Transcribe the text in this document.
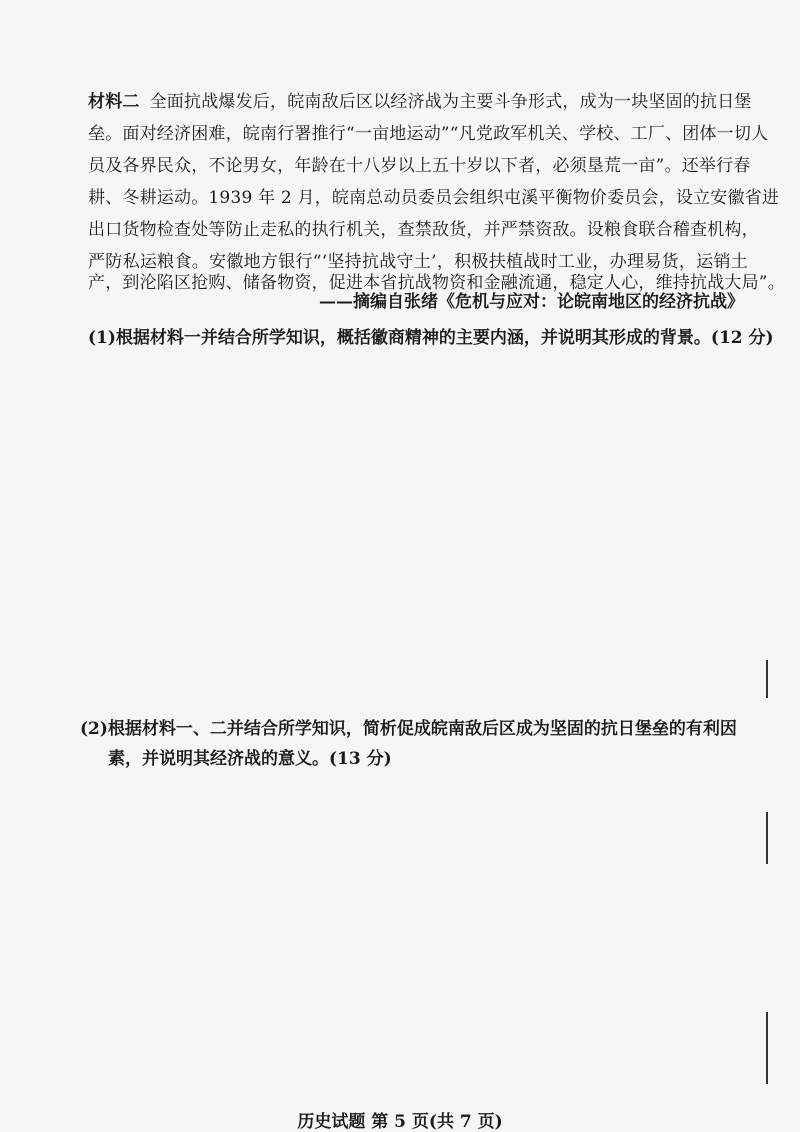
材料二 全面抗战爆发后，皖南敌后区以经济战为主要斗争形式，成为一块坚固的抗日堡
垒。面对经济困难，皖南行署推行“一亩地运动”“凡党政军机关、学校、工厂、团体一切人
员及各界民众，不论男女，年龄在十八岁以上五十岁以下者，必须垦荒一亩”。还举行春
耕、冬耕运动。1939 年 2 月，皖南总动员委员会组织屯溪平衡物价委员会，设立安徽省进
出口货物检查处等防止走私的执行机关，查禁敌货，并严禁资敌。设粮食联合稽查机构，
严防私运粮食。安徽地方银行“‘坚持抗战守土’，积极扶植战时工业，办理易货，运销土
产，到沦陷区抢购、储备物资，促进本省抗战物资和金融流通，稳定人心，维持抗战大局”。
——摘编自张绪《危机与应对：论皖南地区的经济抗战》
(1)根据材料一并结合所学知识，概括徽商精神的主要内涵，并说明其形成的背景。(12 分)
(2)根据材料一、二并结合所学知识，简析促成皖南敌后区成为坚固的抗日堡垒的有利因
素，并说明其经济战的意义。(13 分)
历史试题 第 5 页(共 7 页)
